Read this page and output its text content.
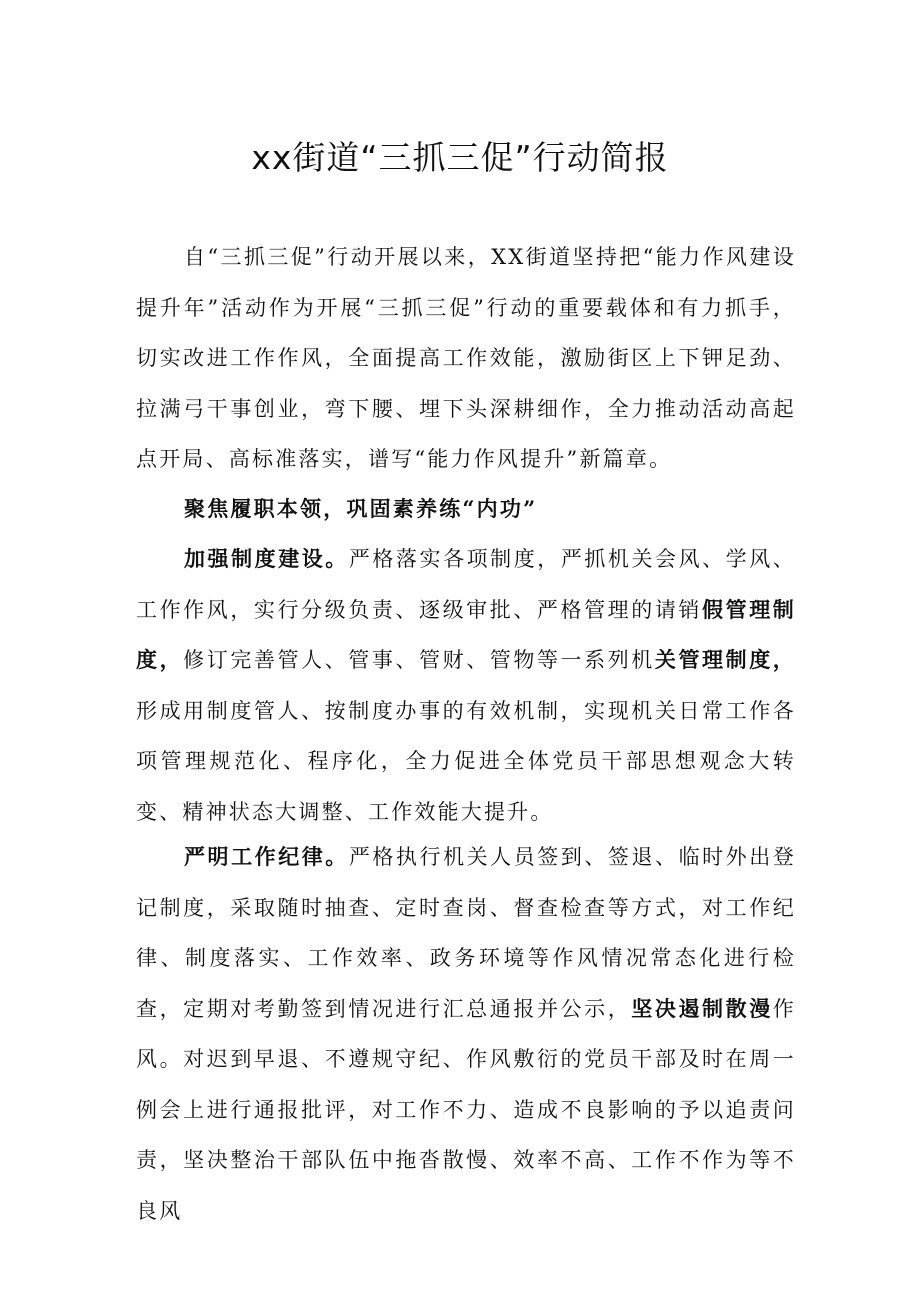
xx街道“三抓三促”行动简报

自“三抓三促”行动开展以来，XX街道坚持把“能力作风建设提升年”活动作为开展“三抓三促”行动的重要载体和有力抓手，切实改进工作作风，全面提高工作效能，激励街区上下钾足劲、拉满弓干事创业，弯下腰、埋下头深耕细作，全力推动活动高起点开局、高标准落实，谱写“能力作风提升”新篇章。

聚焦履职本领，巩固素养练“内功”

加强制度建设。严格落实各项制度，严抓机关会风、学风、工作作风，实行分级负责、逐级审批、严格管理的请销假管理制度，修订完善管人、管事、管财、管物等一系列机关管理制度，形成用制度管人、按制度办事的有效机制，实现机关日常工作各项管理规范化、程序化，全力促进全体党员干部思想观念大转变、精神状态大调整、工作效能大提升。

严明工作纪律。严格执行机关人员签到、签退、临时外出登记制度，采取随时抽查、定时查岗、督查检查等方式，对工作纪律、制度落实、工作效率、政务环境等作风情况常态化进行检查，定期对考勤签到情况进行汇总通报并公示，坚决遏制散漫作风。对迟到早退、不遵规守纪、作风敷衍的党员干部及时在周一例会上进行通报批评，对工作不力、造成不良影响的予以追责问责，坚决整治干部队伍中拖沓散慢、效率不高、工作不作为等不良风
